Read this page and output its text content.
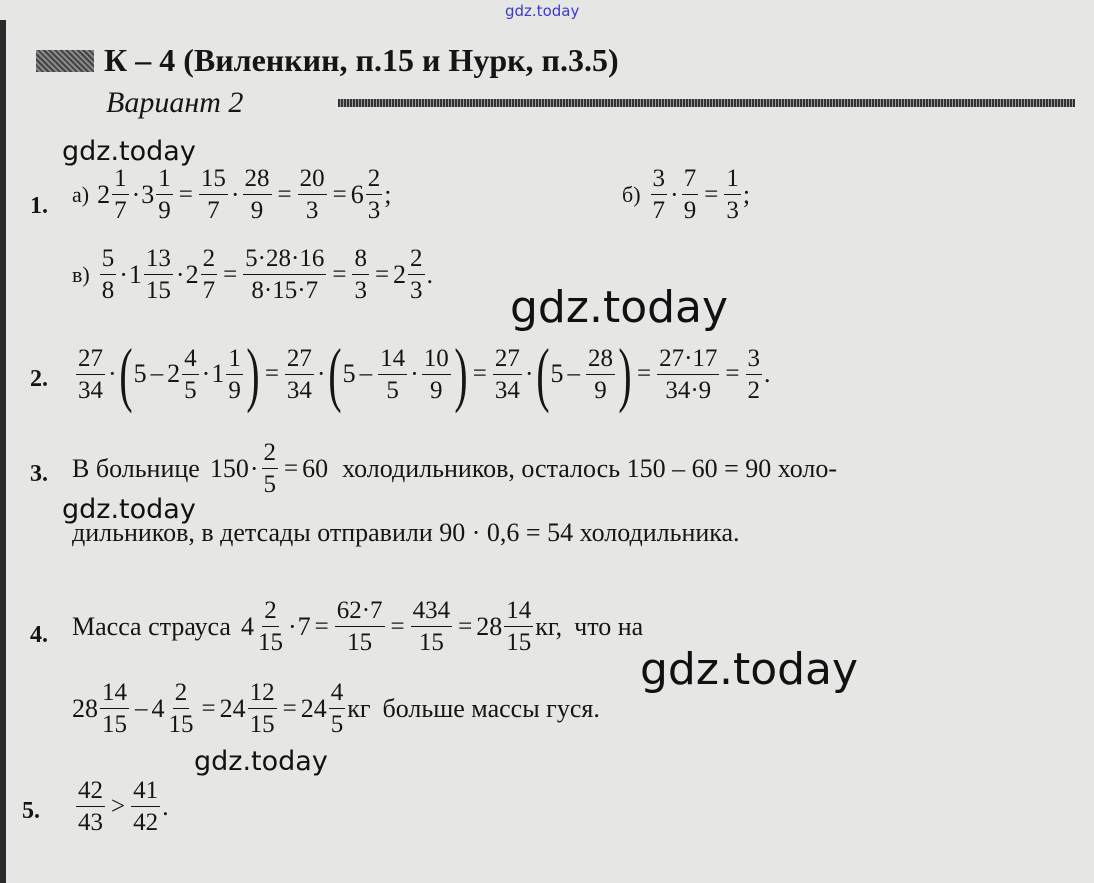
gdz.today
К – 4 (Виленкин, п.15 и Нурк, п.3.5)
Вариант 2
gdz.today
gdz.today
gdz.today
gdz.today
gdz.today
1. а) $2 \frac{1}{7} \cdot 3 \frac{1}{9} = \frac{15}{7} \cdot \frac{28}{9} = \frac{20}{3} = 6 \frac{2}{3}$ ;	$б) \frac{3}{7} \cdot \frac{7}{9} = \frac{1}{3}$ ;
$в) \frac{5}{8} \cdot 1 \frac{13}{15} \cdot 2 \frac{2}{7} = \frac{5\cdot 28\cdot 16}{8\cdot 15\cdot 7} = \frac{8}{3} = 2 \frac{2}{3}$ .
2. $\frac{27}{34}$ · ( $5 - 2 \frac{4}{5} \cdot 1 \frac{1}{9}$ ) = $\frac{27}{34}$ · ( $5 - \frac{14}{5} \cdot \frac{10}{9}$ ) = $\frac{27}{34}$ · ( $5 - \frac{28}{9}$ ) = $\frac{27\cdot 17}{34\cdot 9} = \frac{3}{2}$ .
3. В больнице $150 \cdot \frac{2}{5} = 60$ холодильников, осталось 150 – 60 = 90 холо-
дильников, в детсады отправили 90 · 0,6 = 54 холодильника.
4. Масса страуса $4 \frac{2}{15} \cdot 7 = \frac{62\cdot 7}{15} = \frac{434}{15} = 28 \frac{14}{15}$ кг, что на
$28 \frac{14}{15} - 4 \frac{2}{15} = 24 \frac{12}{15} = 24 \frac{4}{5}$ кг больше массы гуся.
5. $\frac{42}{43} > \frac{41}{42}$ .
